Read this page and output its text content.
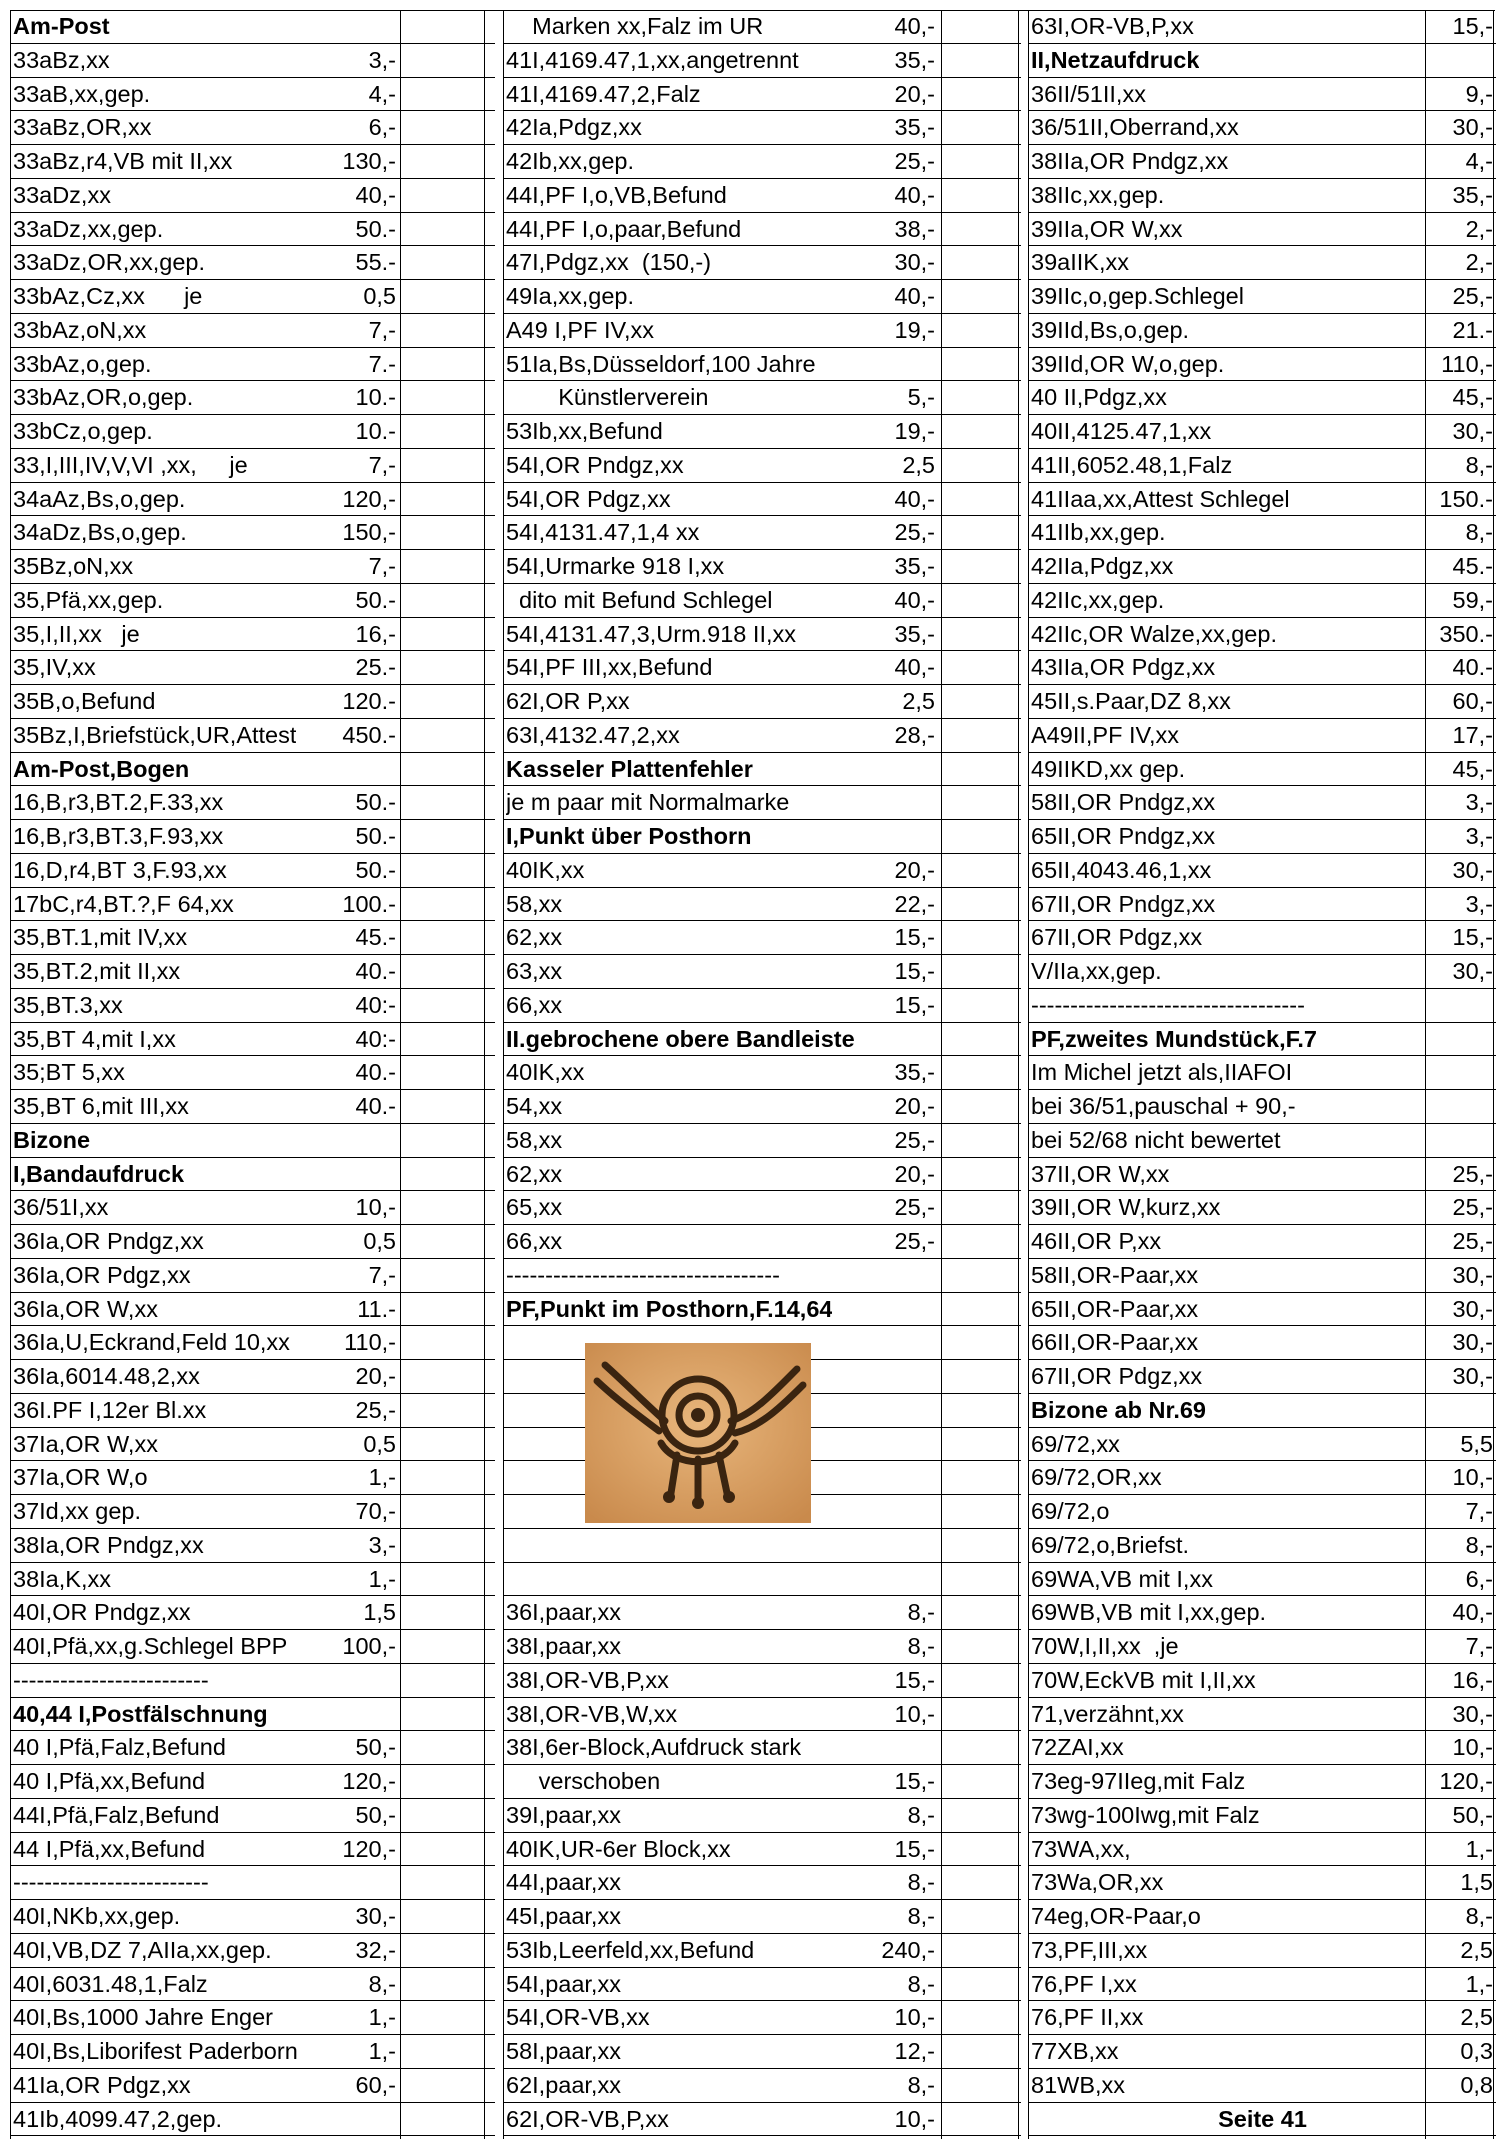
Am-Post
33aBz,xx	3,-
33aB,xx,gep.	4,-
33aBz,OR,xx	6,-
33aBz,r4,VB mit II,xx	130,-
33aDz,xx	40,-
33aDz,xx,gep.	50.-
33aDz,OR,xx,gep.	55.-
33bAz,Cz,xx      je	0,5
33bAz,oN,xx	7,-
33bAz,o,gep.	7.-
33bAz,OR,o,gep.	10.-
33bCz,o,gep.	10.-
33,I,III,IV,V,VI ,xx,     je	7,-
34aAz,Bs,o,gep.	120,-
34aDz,Bs,o,gep.	150,-
35Bz,oN,xx	7,-
35,Pfä,xx,gep.	50.-
35,I,II,xx   je	16,-
35,IV,xx	25.-
35B,o,Befund	120.-
35Bz,I,Briefstück,UR,Attest 450.-
Am-Post,Bogen
16,B,r3,BT.2,F.33,xx	50.-
16,B,r3,BT.3,F.93,xx	50.-
16,D,r4,BT 3,F.93,xx	50.-
17bC,r4,BT.?,F 64,xx	100.-
35,BT.1,mit IV,xx	45.-
35,BT.2,mit II,xx	40.-
35,BT.3,xx	40:-
35,BT 4,mit I,xx	40:-
35;BT 5,xx	40.-
35,BT 6,mit III,xx	40.-
Bizone
I,Bandaufdruck
36/51I,xx	10,-
36Ia,OR Pndgz,xx	0,5
36Ia,OR Pdgz,xx	7,-
36Ia,OR W,xx	11.-
36Ia,U,Eckrand,Feld 10,xx 110,-
36Ia,6014.48,2,xx	20,-
36I.PF I,12er Bl.xx	25,-
37Ia,OR W,xx	0,5
37Ia,OR W,o	1,-
37Id,xx gep.	70,-
38Ia,OR Pndgz,xx	3,-
38Ia,K,xx	1,-
40I,OR Pndgz,xx	1,5
40I,Pfä,xx,g.Schlegel BPP 100,-
-------------------------
40,44 I,Postfälschnung
40 I,Pfä,Falz,Befund	50,-
40 I,Pfä,xx,Befund	120,-
44I,Pfä,Falz,Befund	50,-
44 I,Pfä,xx,Befund	120,-
-------------------------
40I,NKb,xx,gep.	30,-
40I,VB,DZ 7,AIIa,xx,gep.	32,-
40I,6031.48,1,Falz	8,-
40I,Bs,1000 Jahre Enger	1,-
40I,Bs,Liborifest Paderborn	1,-
41Ia,OR Pdgz,xx	60,-
41Ib,4099.47,2,gep.
Marken xx,Falz im UR	40,-
41I,4169.47,1,xx,angetrennt	35,-
41I,4169.47,2,Falz	20,-
42Ia,Pdgz,xx	35,-
42Ib,xx,gep.	25,-
44I,PF I,o,VB,Befund	40,-
44I,PF I,o,paar,Befund	38,-
47I,Pdgz,xx  (150,-)	30,-
49Ia,xx,gep.	40,-
A49 I,PF IV,xx	19,-
51Ia,Bs,Düsseldorf,100 Jahre
Künstlerverein	5,-
53Ib,xx,Befund	19,-
54I,OR Pndgz,xx	2,5
54I,OR Pdgz,xx	40,-
54I,4131.47,1,4 xx	25,-
54I,Urmarke 918 I,xx	35,-
dito mit Befund Schlegel	40,-
54I,4131.47,3,Urm.918 II,xx	35,-
54I,PF III,xx,Befund	40,-
62I,OR P,xx	2,5
63I,4132.47,2,xx	28,-
Kasseler Plattenfehler
je m paar mit Normalmarke
I,Punkt über Posthorn
40IK,xx	20,-
58,xx	22,-
62,xx	15,-
63,xx	15,-
66,xx	15,-
II.gebrochene obere Bandleiste
40IK,xx	35,-
54,xx	20,-
58,xx	25,-
62,xx	20,-
65,xx	25,-
66,xx	25,-
-----------------------------------
PF,Punkt im Posthorn,F.14,64
36I,paar,xx	8,-
38I,paar,xx	8,-
38I,OR-VB,P,xx	15,-
38I,OR-VB,W,xx	10,-
38I,6er-Block,Aufdruck stark
verschoben	15,-
39I,paar,xx	8,-
40IK,UR-6er Block,xx	15,-
44I,paar,xx	8,-
45I,paar,xx	8,-
53Ib,Leerfeld,xx,Befund	240,-
54I,paar,xx	8,-
54I,OR-VB,xx	10,-
58I,paar,xx	12,-
62I,paar,xx	8,-
62I,OR-VB,P,xx	10,-
63I,OR-VB,P,xx	15,-
II,Netzaufdruck
36II/51II,xx	9,-
36/51II,Oberrand,xx	30,-
38IIa,OR Pndgz,xx	4,-
38IIc,xx,gep.	35,-
39IIa,OR W,xx	2,-
39aIIK,xx	2,-
39IIc,o,gep.Schlegel	25,-
39IId,Bs,o,gep.	21.-
39IId,OR W,o,gep.	110,-
40 II,Pdgz,xx	45,-
40II,4125.47,1,xx	30,-
41II,6052.48,1,Falz	8,-
41IIaa,xx,Attest Schlegel	150.-
41IIb,xx,gep.	8,-
42IIa,Pdgz,xx	45.-
42IIc,xx,gep.	59,-
42IIc,OR Walze,xx,gep.	350.-
43IIa,OR Pdgz,xx	40.-
45II,s.Paar,DZ 8,xx	60,-
A49II,PF IV,xx	17,-
49IIKD,xx gep.	45,-
58II,OR Pndgz,xx	3,-
65II,OR Pndgz,xx	3,-
65II,4043.46,1,xx	30,-
67II,OR Pndgz,xx	3,-
67II,OR Pdgz,xx	15,-
V/IIa,xx,gep.	30,-
-----------------------------------
PF,zweites Mundstück,F.7
Im Michel jetzt als,IIAFOI
bei 36/51,pauschal + 90,-
bei 52/68 nicht bewertet
37II,OR W,xx	25,-
39II,OR W,kurz,xx	25,-
46II,OR P,xx	25,-
58II,OR-Paar,xx	30,-
65II,OR-Paar,xx	30,-
66II,OR-Paar,xx	30,-
67II,OR Pdgz,xx	30,-
Bizone ab Nr.69
69/72,xx	5,5
69/72,OR,xx	10,-
69/72,o	7,-
69/72,o,Briefst.	8,-
69WA,VB mit I,xx	6,-
69WB,VB mit I,xx,gep.	40,-
70W,I,II,xx  ,je	7,-
70W,EckVB mit I,II,xx	16,-
71,verzähnt,xx	30,-
72ZAI,xx	10,-
73eg-97IIeg,mit Falz	120,-
73wg-100Iwg,mit Falz	50,-
73WA,xx,	1,-
73Wa,OR,xx	1,5
74eg,OR-Paar,o	8,-
73,PF,III,xx	2,5
76,PF I,xx	1,-
76,PF II,xx	2,5
77XB,xx	0,3
81WB,xx	0,8
Seite 41
